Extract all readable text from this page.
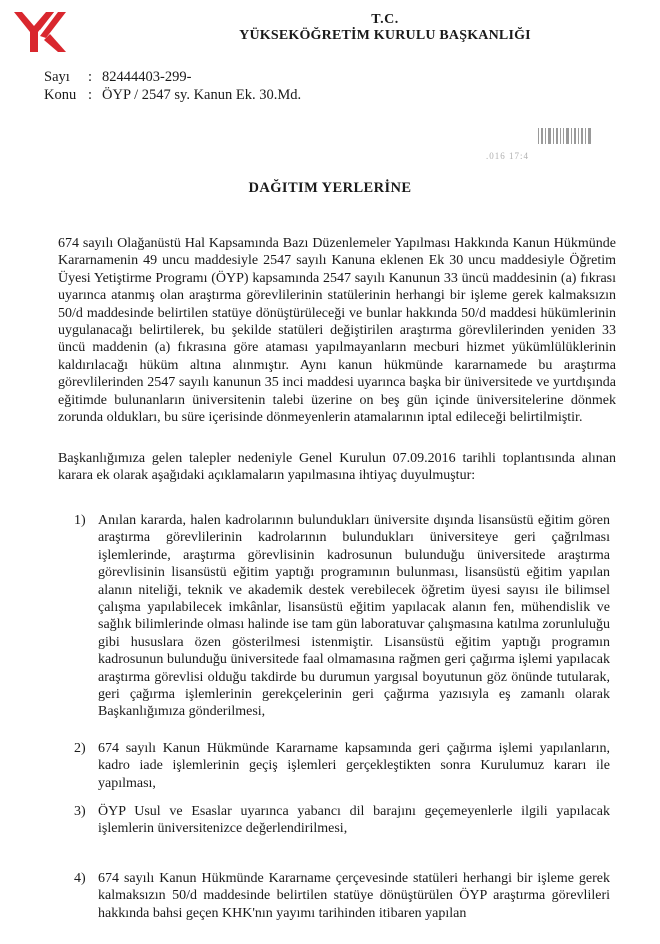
T.C.
YÜKSEKÖĞRETİM KURULU BAŞKANLIĞI
Sayı	: 82444403-299-
Konu : ÖYP / 2547 sy. Kanun Ek. 30.Md.
.016 17:4
DAĞITIM YERLERİNE
674 sayılı Olağanüstü Hal Kapsamında Bazı Düzenlemeler Yapılması Hakkında Kanun Hükmünde Kararnamenin 49 uncu maddesiyle 2547 sayılı Kanuna eklenen Ek 30 uncu maddesiyle Öğretim Üyesi Yetiştirme Programı (ÖYP) kapsamında 2547 sayılı Kanunun 33 üncü maddesinin (a) fıkrası uyarınca atanmış olan araştırma görevlilerinin statülerinin herhangi bir işleme gerek kalmaksızın 50/d maddesinde belirtilen statüye dönüştürüleceği ve bunlar hakkında 50/d maddesi hükümlerinin uygulanacağı belirtilerek, bu şekilde statüleri değiştirilen araştırma görevlilerinden yeniden 33 üncü maddenin (a) fıkrasına göre ataması yapılmayanların mecburi hizmet yükümlülüklerinin kaldırılacağı hüküm altına alınmıştır. Aynı kanun hükmünde kararnamede bu araştırma görevlilerinden 2547 sayılı kanunun 35 inci maddesi uyarınca başka bir üniversitede ve yurtdışında eğitimde bulunanların üniversitenin talebi üzerine on beş gün içinde üniversitelerine dönmek zorunda oldukları, bu süre içerisinde dönmeyenlerin atamalarının iptal edileceği belirtilmiştir.
Başkanlığımıza gelen talepler nedeniyle Genel Kurulun 07.09.2016 tarihli toplantısında alınan karara ek olarak aşağıdaki açıklamaların yapılmasına ihtiyaç duyulmuştur:
1) Anılan kararda, halen kadrolarının bulundukları üniversite dışında lisansüstü eğitim gören araştırma görevlilerinin kadrolarının bulundukları üniversiteye geri çağrılması işlemlerinde, araştırma görevlisinin kadrosunun bulunduğu üniversitede araştırma görevlisinin lisansüstü eğitim yaptığı programının bulunması, lisansüstü eğitim yapılan alanın niteliği, teknik ve akademik destek verebilecek öğretim üyesi sayısı ile bilimsel çalışma yapılabilecek imkânlar, lisansüstü eğitim yapılacak alanın fen, mühendislik ve sağlık bilimlerinde olması halinde ise tam gün laboratuvar çalışmasına katılma zorunluluğu gibi hususlara özen gösterilmesi istenmiştir. Lisansüstü eğitim yaptığı programın kadrosunun bulunduğu üniversitede faal olmamasına rağmen geri çağırma işlemi yapılacak araştırma görevlisi olduğu takdirde bu durumun yargısal boyutunun göz önünde tutularak, geri çağırma işlemlerinin gerekçelerinin geri çağırma yazısıyla eş zamanlı olarak Başkanlığımıza gönderilmesi,
2) 674 sayılı Kanun Hükmünde Kararname kapsamında geri çağırma işlemi yapılanların, kadro iade işlemlerinin geçiş işlemleri gerçekleştikten sonra Kurulumuz kararı ile yapılması,
3) ÖYP Usul ve Esaslar uyarınca yabancı dil barajını geçemeyenlerle ilgili yapılacak işlemlerin üniversitenizce değerlendirilmesi,
4) 674 sayılı Kanun Hükmünde Kararname çerçevesinde statüleri herhangi bir işleme gerek kalmaksızın 50/d maddesinde belirtilen statüye dönüştürülen ÖYP araştırma görevlileri hakkında bahsi geçen KHK'nın yayımı tarihinden itibaren yapılan
